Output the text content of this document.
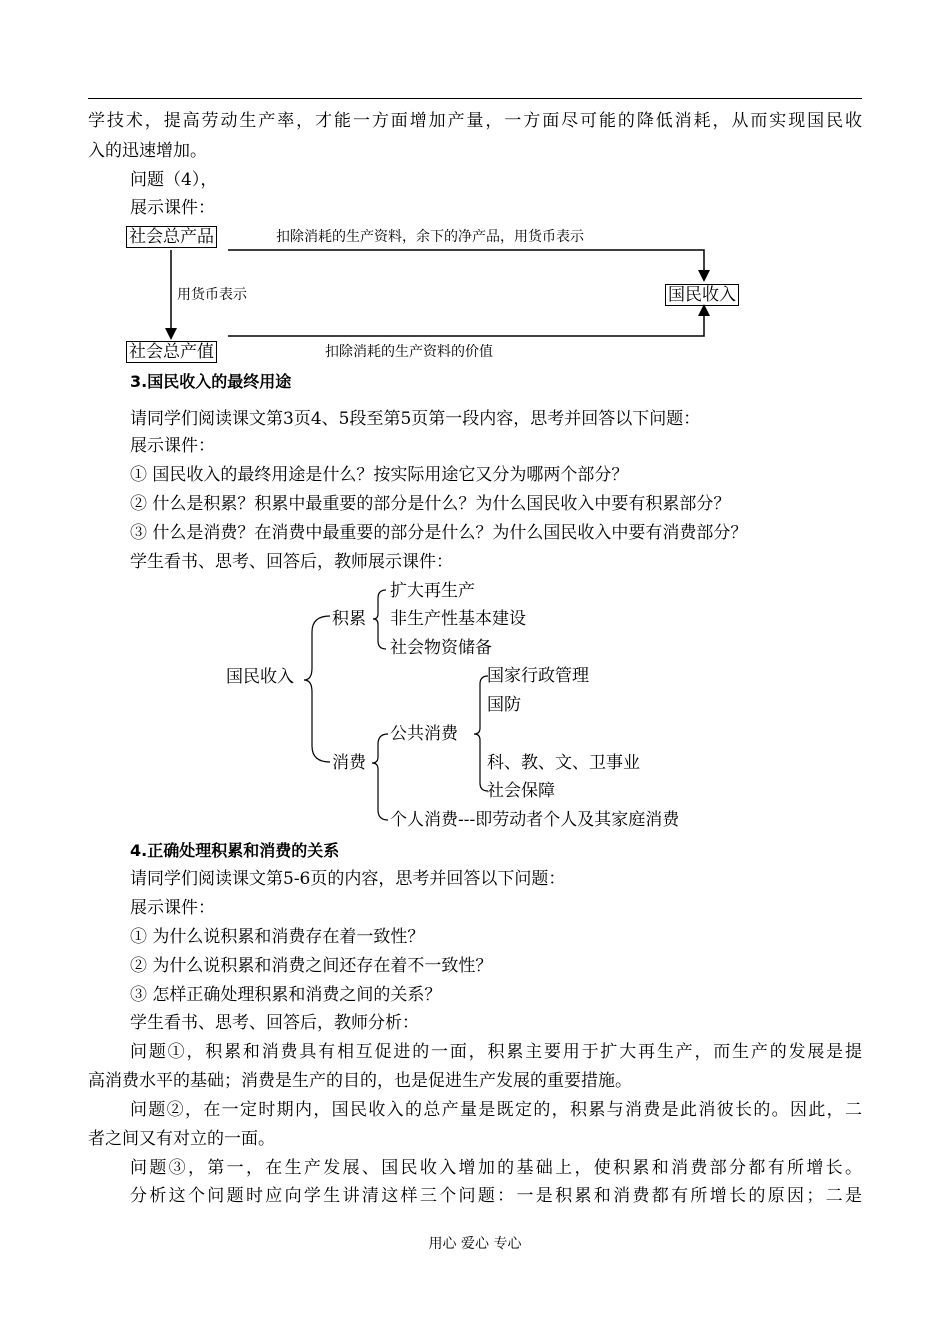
学技术，提高劳动生产率，才能一方面增加产量，一方面尽可能的降低消耗，从而实现国民收
入的迅速增加。
问题（4），
展示课件：
社会总产品	扣除消耗的生产资料，余下的净产品，用货币表示
用货币表示	国民收入
社会总产值	扣除消耗的生产资料的价值
3.国民收入的最终用途
请同学们阅读课文第3页4、5段至第5页第一段内容，思考并回答以下问题：
展示课件：
① 国民收入的最终用途是什么？按实际用途它又分为哪两个部分？
② 什么是积累？积累中最重要的部分是什么？为什么国民收入中要有积累部分？
③ 什么是消费？在消费中最重要的部分是什么？为什么国民收入中要有消费部分？
学生看书、思考、回答后，教师展示课件：
国民收入
积累
扩大再生产
非生产性基本建设
社会物资储备
消费
公共消费
国家行政管理
国防
科、教、文、卫事业
社会保障
个人消费---即劳动者个人及其家庭消费
4.正确处理积累和消费的关系
请同学们阅读课文第5-6页的内容，思考并回答以下问题：
展示课件：
① 为什么说积累和消费存在着一致性？
② 为什么说积累和消费之间还存在着不一致性？
③ 怎样正确处理积累和消费之间的关系？
学生看书、思考、回答后，教师分析：
问题①，积累和消费具有相互促进的一面，积累主要用于扩大再生产，而生产的发展是提
高消费水平的基础；消费是生产的目的，也是促进生产发展的重要措施。
问题②，在一定时期内，国民收入的总产量是既定的，积累与消费是此消彼长的。因此，二
者之间又有对立的一面。
问题③，第一，在生产发展、国民收入增加的基础上，使积累和消费部分都有所增长。
分析这个问题时应向学生讲清这样三个问题：一是积累和消费都有所增长的原因；二是
用心 爱心 专心
